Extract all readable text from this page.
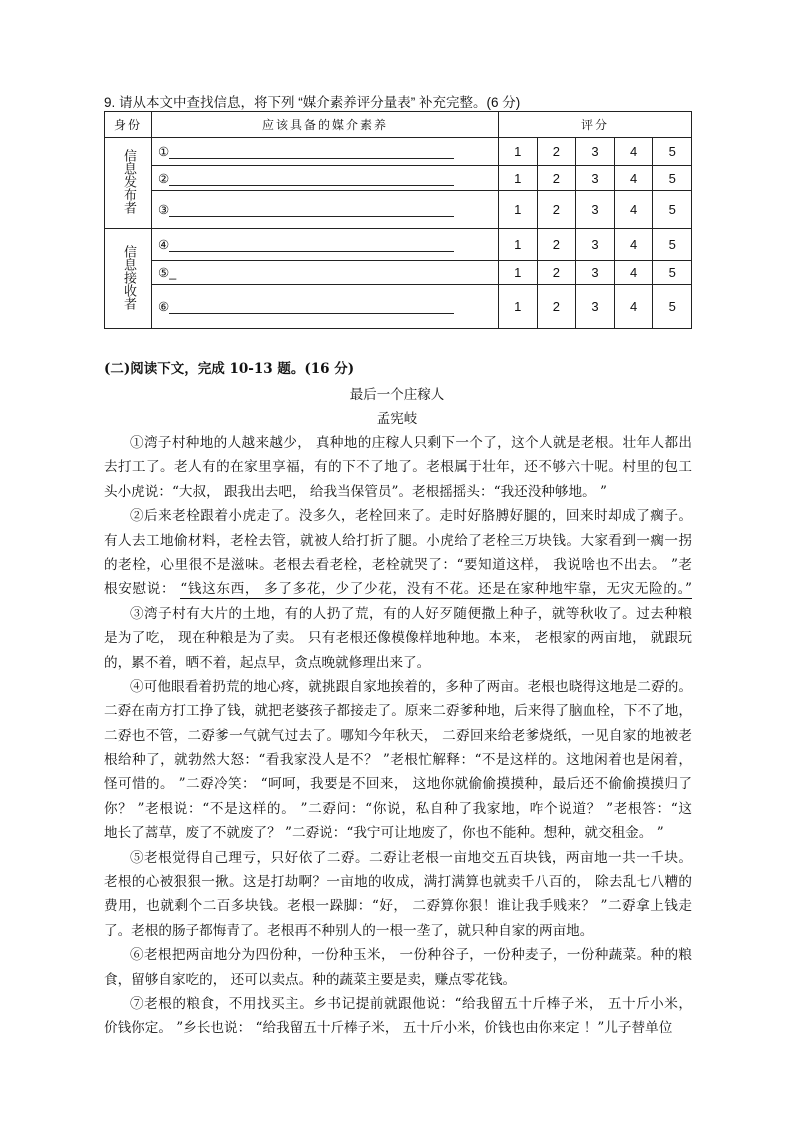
9. 请从本文中查找信息，将下列 “媒介素养评分量表” 补充完整。(6 分)
身份	应该具备的媒介素养	评分				
信息发布者	①	1	2	3	4	5
	②	1	2	3	4	5
	③	1	2	3	4	5
信息接收者	④	1	2	3	4	5
	⑤_	1	2	3	4	5
	⑥	1	2	3	4	5
(二)阅读下文，完成 10-13 题。(16 分)
最后一个庄稼人
孟宪岐
①湾子村种地的人越来越少， 真种地的庄稼人只剩下一个了，这个人就是老根。壮年人都出
去打工了。老人有的在家里享福，有的下不了地了。老根属于壮年，还不够六十呢。村里的包工
头小虎说：“大叔， 跟我出去吧， 给我当保管员”。老根摇摇头：“我还没种够地。 ”
②后来老栓跟着小虎走了。没多久，老栓回来了。走时好胳膊好腿的，回来时却成了瘸子。
有人去工地偷材料，老栓去管，就被人给打折了腿。小虎给了老栓三万块钱。大家看到一瘸一拐
的老栓，心里很不是滋味。老根去看老栓，老栓就哭了：“要知道这样， 我说啥也不出去。 ”老
根安慰说： “钱这东西， 多了多花，少了少花，没有不花。还是在家种地牢靠，无灾无险的。”
③湾子村有大片的土地，有的人扔了荒，有的人好歹随便撒上种子，就等秋收了。过去种粮
是为了吃， 现在种粮是为了卖。 只有老根还像模像样地种地。本来， 老根家的两亩地， 就跟玩
的，累不着，晒不着，起点早，贪点晚就修理出来了。
④可他眼看着扔荒的地心疼，就挑跟自家地挨着的，多种了两亩。老根也晓得这地是二孬的。
二孬在南方打工挣了钱，就把老婆孩子都接走了。原来二孬爹种地，后来得了脑血栓，下不了地，
二孬也不管，二孬爹一气就气过去了。哪知今年秋天， 二孬回来给老爹烧纸，一见自家的地被老
根给种了，就勃然大怒：“看我家没人是不？ ”老根忙解释：“不是这样的。这地闲着也是闲着，
怪可惜的。 ”二孬冷笑： “呵呵，我要是不回来， 这地你就偷偷摸摸种，最后还不偷偷摸摸归了
你？ ”老根说：“不是这样的。 ”二孬问：“你说，私自种了我家地，咋个说道？ ”老根答：“这
地长了蒿草，废了不就废了？ ”二孬说：“我宁可让地废了，你也不能种。想种，就交租金。 ”
⑤老根觉得自己理亏，只好依了二孬。二孬让老根一亩地交五百块钱，两亩地一共一千块。
老根的心被狠狠一揪。这是打劫啊？一亩地的收成，满打满算也就卖千八百的， 除去乱七八糟的
费用，也就剩个二百多块钱。老根一跺脚：“好， 二孬算你狠！谁让我手贱来？ ”二孬拿上钱走
了。老根的肠子都悔青了。老根再不种别人的一根一垄了，就只种自家的两亩地。
⑥老根把两亩地分为四份种，一份种玉米， 一份种谷子，一份种麦子，一份种蔬菜。种的粮
食，留够自家吃的， 还可以卖点。种的蔬菜主要是卖，赚点零花钱。
⑦老根的粮食，不用找买主。乡书记提前就跟他说：“给我留五十斤棒子米， 五十斤小米，
价钱你定。 ”乡长也说： “给我留五十斤棒子米， 五十斤小米，价钱也由你来定 ！”儿子替单位
